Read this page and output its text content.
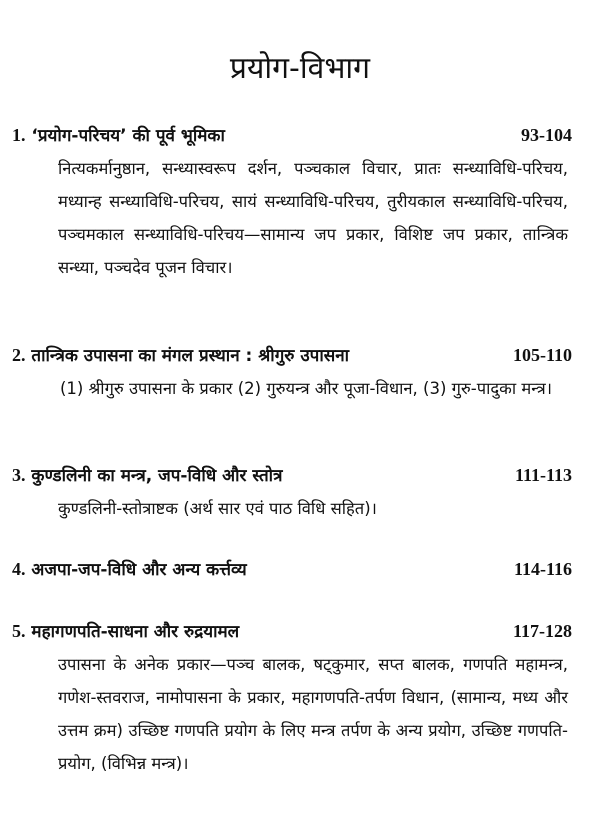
प्रयोग-विभाग
1. ‘प्रयोग-परिचय’ की पूर्व भूमिका	93-104

नित्यकर्मानुष्ठान, सन्ध्यास्वरूप दर्शन, पञ्चकाल विचार, प्रातः सन्ध्याविधि-परिचय, मध्यान्ह सन्ध्याविधि-परिचय, सायं सन्ध्याविधि-परिचय, तुरीयकाल सन्ध्याविधि-परिचय, पञ्चमकाल सन्ध्याविधि-परिचय—सामान्य जप प्रकार, विशिष्ट जप प्रकार, तान्त्रिक सन्ध्या, पञ्चदेव पूजन विचार।

2. तान्त्रिक उपासना का मंगल प्रस्थान : श्रीगुरु उपासना	105-110

(1) श्रीगुरु उपासना के प्रकार (2) गुरुयन्त्र और पूजा-विधान, (3) गुरु-पादुका मन्त्र।

3. कुण्डलिनी का मन्त्र, जप-विधि और स्तोत्र	111-113

कुण्डलिनी-स्तोत्राष्टक (अर्थ सार एवं पाठ विधि सहित)।

4. अजपा-जप-विधि और अन्य कर्त्तव्य	114-116
5. महागणपति-साधना और रुद्रयामल	117-128

उपासना के अनेक प्रकार—पञ्च बालक, षट्कुमार, सप्त बालक, गणपति महामन्त्र, गणेश-स्तवराज, नामोपासना के प्रकार, महागणपति-तर्पण विधान, (सामान्य, मध्य और उत्तम क्रम) उच्छिष्ट गणपति प्रयोग के लिए मन्त्र तर्पण के अन्य प्रयोग, उच्छिष्ट गणपति-प्रयोग, (विभिन्न मन्त्र)।
